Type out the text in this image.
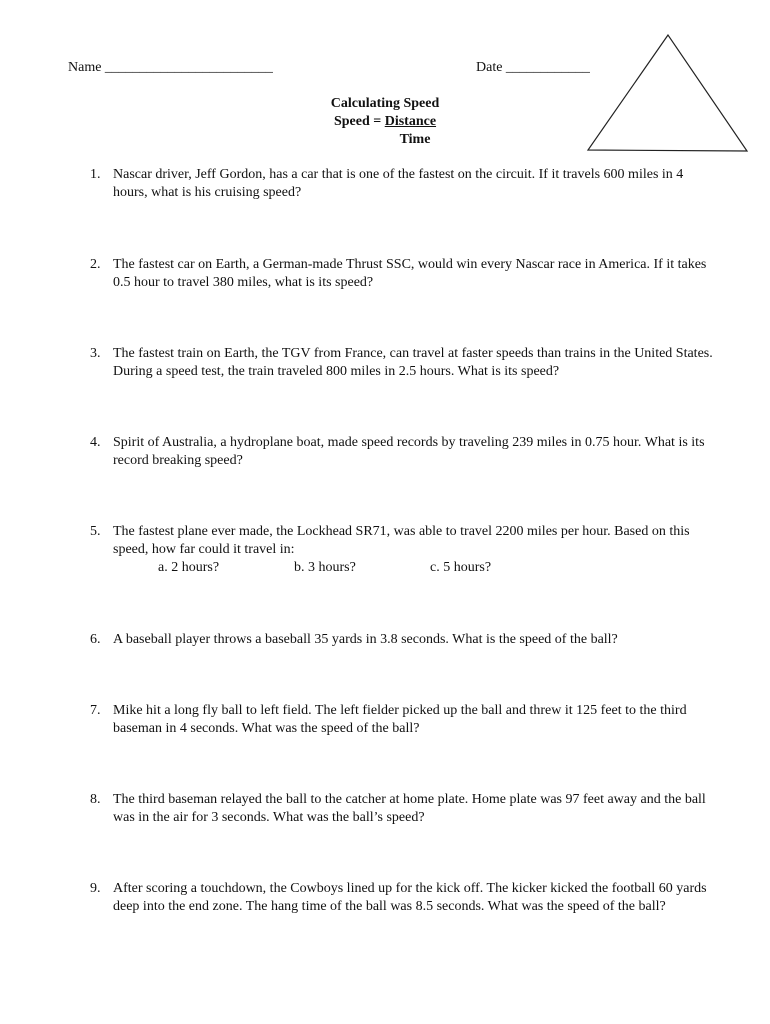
Name ________________________	Date ____________
Calculating Speed
Speed = Distance
Time
1. Nascar driver, Jeff Gordon, has a car that is one of the fastest on the circuit. If it travels 600 miles in 4 hours, what is his cruising speed?
2. The fastest car on Earth, a German-made Thrust SSC, would win every Nascar race in America. If it takes 0.5 hour to travel 380 miles, what is its speed?
3. The fastest train on Earth, the TGV from France, can travel at faster speeds than trains in the United States. During a speed test, the train traveled 800 miles in 2.5 hours. What is its speed?
4. Spirit of Australia, a hydroplane boat, made speed records by traveling 239 miles in 0.75 hour. What is its record breaking speed?
5. The fastest plane ever made, the Lockhead SR71, was able to travel 2200 miles per hour. Based on this speed, how far could it travel in:
a. 2 hours?	b. 3 hours?	c. 5 hours?
6. A baseball player throws a baseball 35 yards in 3.8 seconds. What is the speed of the ball?
7. Mike hit a long fly ball to left field. The left fielder picked up the ball and threw it 125 feet to the third baseman in 4 seconds. What was the speed of the ball?
8. The third baseman relayed the ball to the catcher at home plate. Home plate was 97 feet away and the ball was in the air for 3 seconds. What was the ball’s speed?
9. After scoring a touchdown, the Cowboys lined up for the kick off. The kicker kicked the football 60 yards deep into the end zone. The hang time of the ball was 8.5 seconds. What was the speed of the ball?
